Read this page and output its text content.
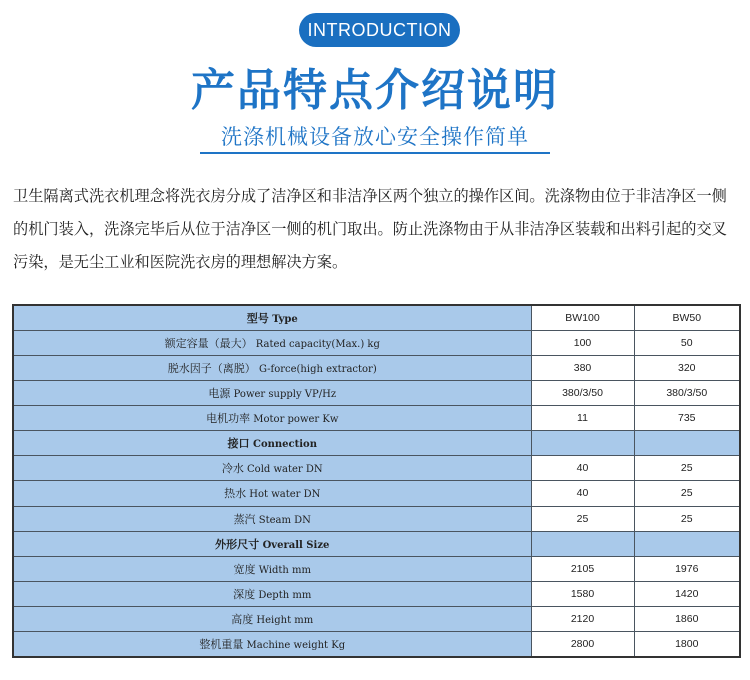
INTRODUCTION
产品特点介绍说明
洗涤机械设备放心安全操作简单

卫生隔离式洗衣机理念将洗衣房分成了洁净区和非洁净区两个独立的操作区间。洗涤物由位于非洁净区一侧的机门装入，洗涤完毕后从位于洁净区一侧的机门取出。防止洗涤物由于从非洁净区装载和出料引起的交叉污染，是无尘工业和医院洗衣房的理想解决方案。

型号 Type	BW100	BW50
额定容量（最大） Rated capacity(Max.) kg	100	50
脱水因子（离脱） G-force(high extractor)	380	320
电源 Power supply VP/Hz	380/3/50	380/3/50
电机功率 Motor power Kw	11	735
接口 Connection		
冷水 Cold water DN	40	25
热水 Hot water DN	40	25
蒸汽 Steam DN	25	25
外形尺寸 Overall Size		
宽度 Width mm	2105	1976
深度 Depth mm	1580	1420
高度 Height mm	2120	1860
整机重量 Machine weight Kg	2800	1800
